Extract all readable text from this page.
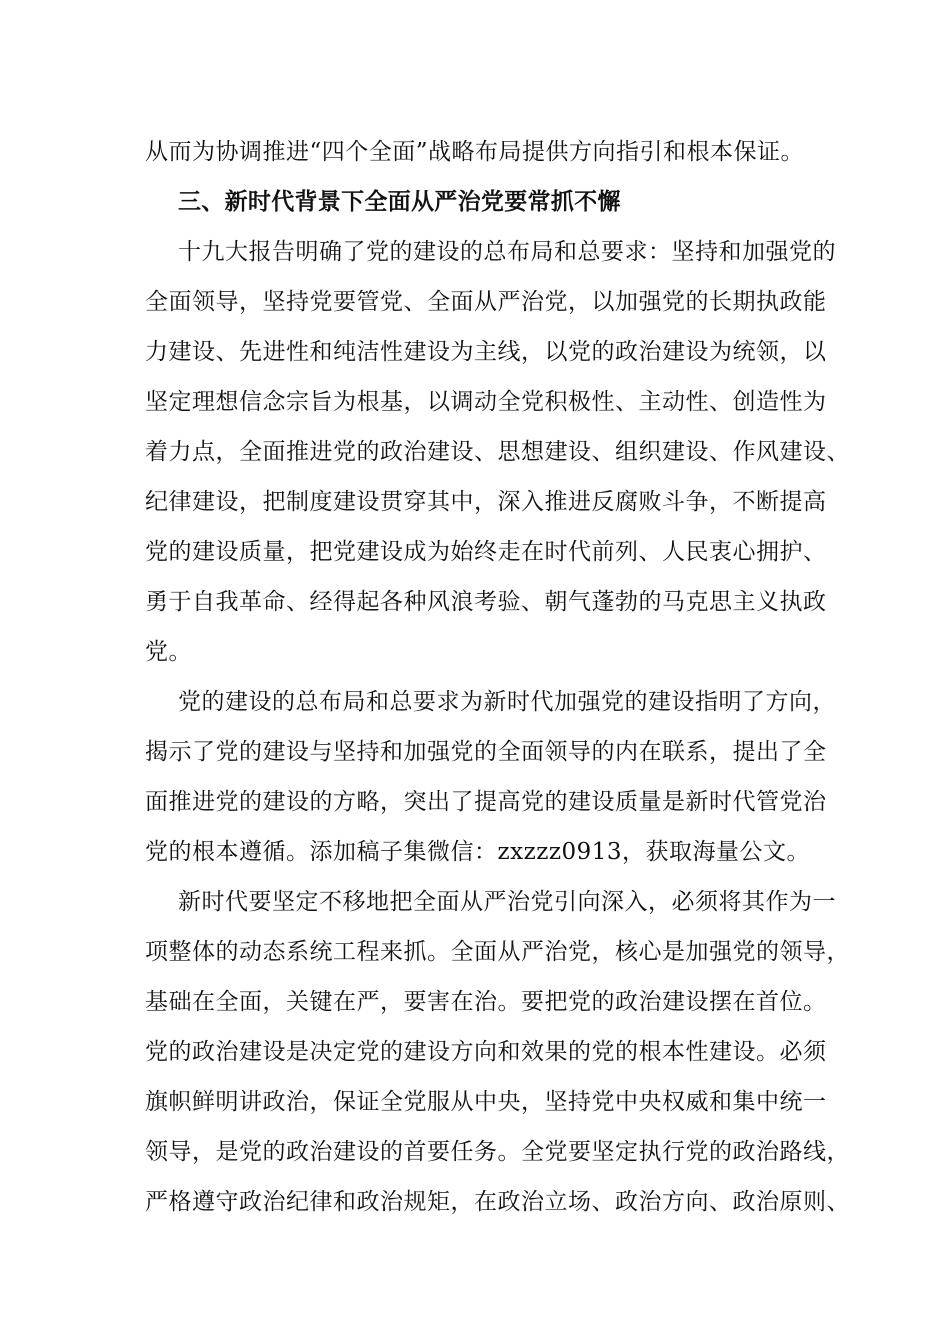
从而为协调推进“四个全面”战略布局提供方向指引和根本保证。
三、新时代背景下全面从严治党要常抓不懈
十九大报告明确了党的建设的总布局和总要求：坚持和加强党的
全面领导，坚持党要管党、全面从严治党，以加强党的长期执政能
力建设、先进性和纯洁性建设为主线，以党的政治建设为统领，以
坚定理想信念宗旨为根基，以调动全党积极性、主动性、创造性为
着力点，全面推进党的政治建设、思想建设、组织建设、作风建设、
纪律建设，把制度建设贯穿其中，深入推进反腐败斗争，不断提高
党的建设质量，把党建设成为始终走在时代前列、人民衷心拥护、
勇于自我革命、经得起各种风浪考验、朝气蓬勃的马克思主义执政
党。
党的建设的总布局和总要求为新时代加强党的建设指明了方向，
揭示了党的建设与坚持和加强党的全面领导的内在联系，提出了全
面推进党的建设的方略，突出了提高党的建设质量是新时代管党治
党的根本遵循。添加稿子集微信：zxzzz0913，获取海量公文。
新时代要坚定不移地把全面从严治党引向深入，必须将其作为一
项整体的动态系统工程来抓。全面从严治党，核心是加强党的领导，
基础在全面，关键在严，要害在治。要把党的政治建设摆在首位。
党的政治建设是决定党的建设方向和效果的党的根本性建设。必须
旗帜鲜明讲政治，保证全党服从中央，坚持党中央权威和集中统一
领导，是党的政治建设的首要任务。全党要坚定执行党的政治路线，
严格遵守政治纪律和政治规矩，在政治立场、政治方向、政治原则、
